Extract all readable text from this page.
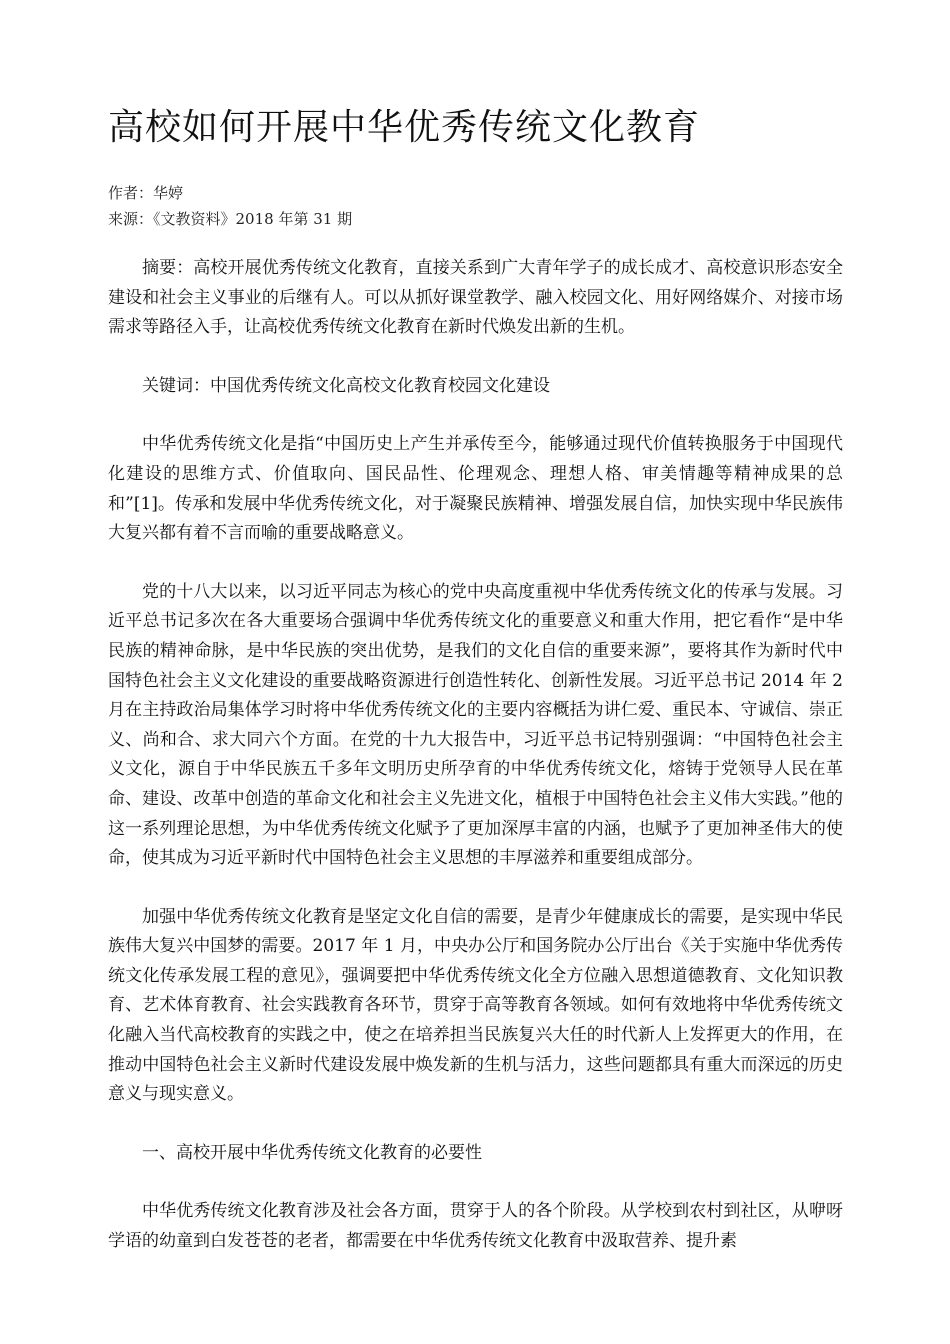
高校如何开展中华优秀传统文化教育
作者：华婷
来源：《文教资料》2018 年第 31 期

摘要：高校开展优秀传统文化教育，直接关系到广大青年学子的成长成才、高校意识形态安全建设和社会主义事业的后继有人。可以从抓好课堂教学、融入校园文化、用好网络媒介、对接市场需求等路径入手，让高校优秀传统文化教育在新时代焕发出新的生机。

关键词：中国优秀传统文化高校文化教育校园文化建设

中华优秀传统文化是指“中国历史上产生并承传至今，能够通过现代价值转换服务于中国现代化建设的思维方式、价值取向、国民品性、伦理观念、理想人格、审美情趣等精神成果的总和”[1]。传承和发展中华优秀传统文化，对于凝聚民族精神、增强发展自信，加快实现中华民族伟大复兴都有着不言而喻的重要战略意义。

党的十八大以来，以习近平同志为核心的党中央高度重视中华优秀传统文化的传承与发展。习近平总书记多次在各大重要场合强调中华优秀传统文化的重要意义和重大作用，把它看作“是中华民族的精神命脉，是中华民族的突出优势，是我们的文化自信的重要来源”，要将其作为新时代中国特色社会主义文化建设的重要战略资源进行创造性转化、创新性发展。习近平总书记 2014 年 2 月在主持政治局集体学习时将中华优秀传统文化的主要内容概括为讲仁爱、重民本、守诚信、崇正义、尚和合、求大同六个方面。在党的十九大报告中，习近平总书记特别强调：“中国特色社会主义文化，源自于中华民族五千多年文明历史所孕育的中华优秀传统文化，熔铸于党领导人民在革命、建设、改革中创造的革命文化和社会主义先进文化，植根于中国特色社会主义伟大实践。”他的这一系列理论思想，为中华优秀传统文化赋予了更加深厚丰富的内涵，也赋予了更加神圣伟大的使命，使其成为习近平新时代中国特色社会主义思想的丰厚滋养和重要组成部分。

加强中华优秀传统文化教育是坚定文化自信的需要，是青少年健康成长的需要，是实现中华民族伟大复兴中国梦的需要。2017 年 1 月，中央办公厅和国务院办公厅出台《关于实施中华优秀传统文化传承发展工程的意见》，强调要把中华优秀传统文化全方位融入思想道德教育、文化知识教育、艺术体育教育、社会实践教育各环节，贯穿于高等教育各领域。如何有效地将中华优秀传统文化融入当代高校教育的实践之中，使之在培养担当民族复兴大任的时代新人上发挥更大的作用，在推动中国特色社会主义新时代建设发展中焕发新的生机与活力，这些问题都具有重大而深远的历史意义与现实意义。

一、高校开展中华优秀传统文化教育的必要性

中华优秀传统文化教育涉及社会各方面，贯穿于人的各个阶段。从学校到农村到社区，从咿呀学语的幼童到白发苍苍的老者，都需要在中华优秀传统文化教育中汲取营养、提升素
